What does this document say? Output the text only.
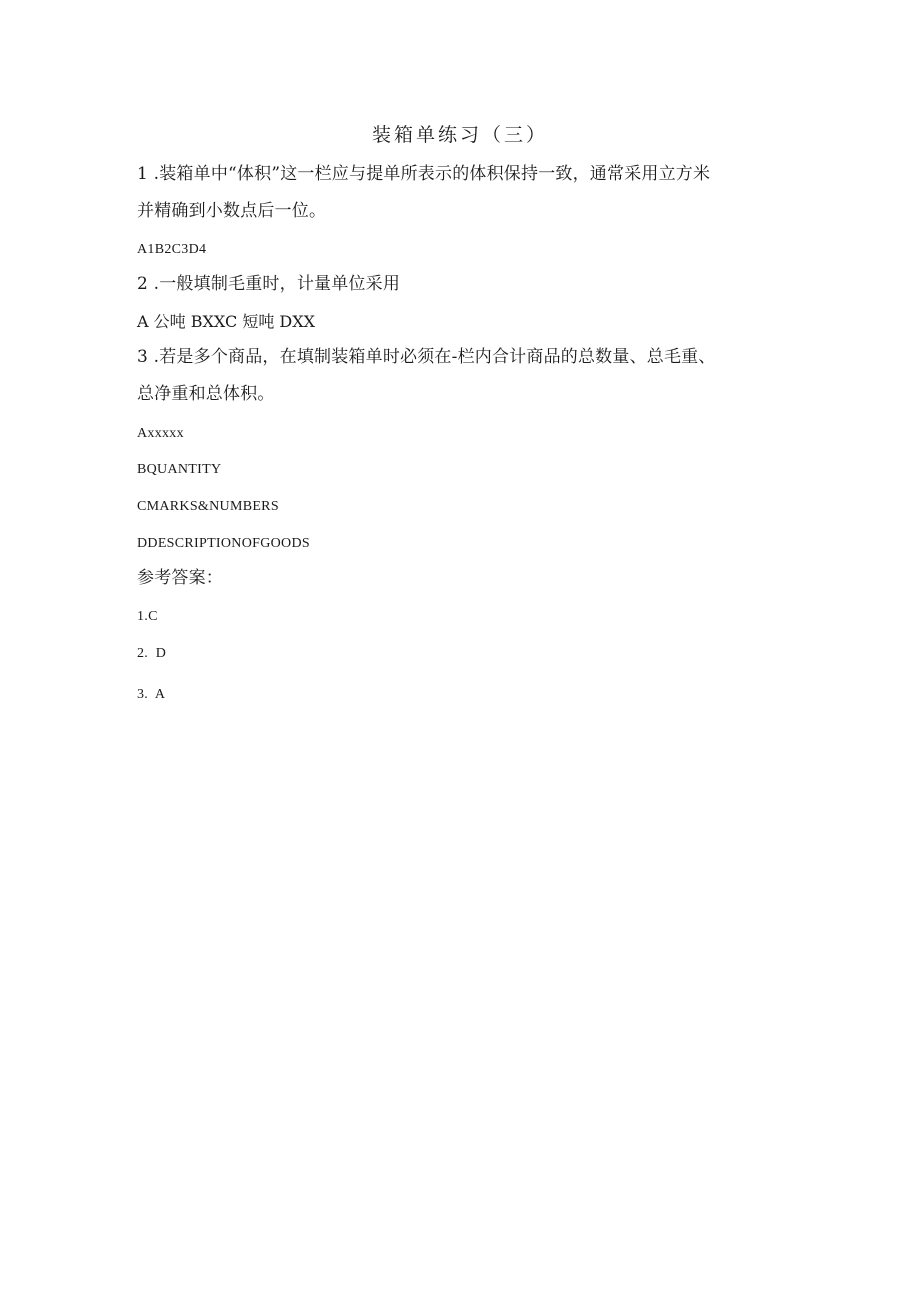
装箱单练习（三）
1 .装箱单中“体积”这一栏应与提单所表示的体积保持一致，通常采用立方米
并精确到小数点后一位。
A1B2C3D4
2 .一般填制毛重时，计量单位采用
A 公吨 BXXC 短吨 DXX
3 .若是多个商品，在填制装箱单时必须在-栏内合计商品的总数量、总毛重、
总净重和总体积。
Axxxxx
BQUANTITY
CMARKS&NUMBERS
DDESCRIPTIONOFGOODS
参考答案：
1.C
2.  D
3.  A
